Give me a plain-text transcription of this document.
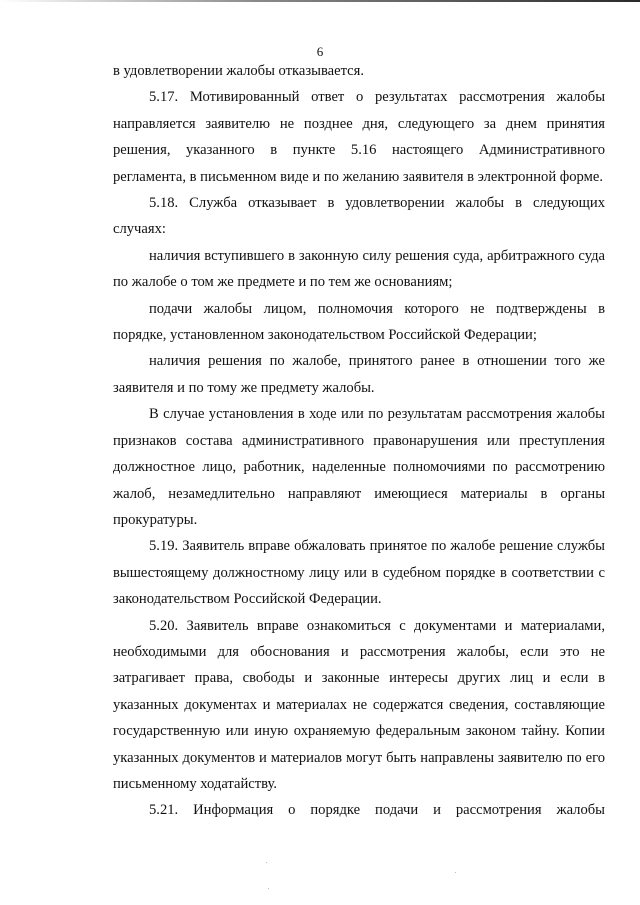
6

в удовлетворении жалобы отказывается.

5.17. Мотивированный ответ о результатах рассмотрения жалобы направляется заявителю не позднее дня, следующего за днем принятия решения, указанного в пункте 5.16 настоящего Административного регламента, в письменном виде и по желанию заявителя в электронной форме.

5.18. Служба отказывает в удовлетворении жалобы в следующих случаях:

наличия вступившего в законную силу решения суда, арбитражного суда по жалобе о том же предмете и по тем же основаниям;

подачи жалобы лицом, полномочия которого не подтверждены в порядке, установленном законодательством Российской Федерации;

наличия решения по жалобе, принятого ранее в отношении того же заявителя и по тому же предмету жалобы.

В случае установления в ходе или по результатам рассмотрения жалобы признаков состава административного правонарушения или преступления должностное лицо, работник, наделенные полномочиями по рассмотрению жалоб, незамедлительно направляют имеющиеся материалы в органы прокуратуры.

5.19. Заявитель вправе обжаловать принятое по жалобе решение службы вышестоящему должностному лицу или в судебном порядке в соответствии с законодательством Российской Федерации.

5.20. Заявитель вправе ознакомиться с документами и материалами, необходимыми для обоснования и рассмотрения жалобы, если это не затрагивает права, свободы и законные интересы других лиц и если в указанных документах и материалах не содержатся сведения, составляющие государственную или иную охраняемую федеральным законом тайну. Копии указанных документов и материалов могут быть направлены заявителю по его письменному ходатайству.

5.21. Информация о порядке подачи и рассмотрения жалобы
